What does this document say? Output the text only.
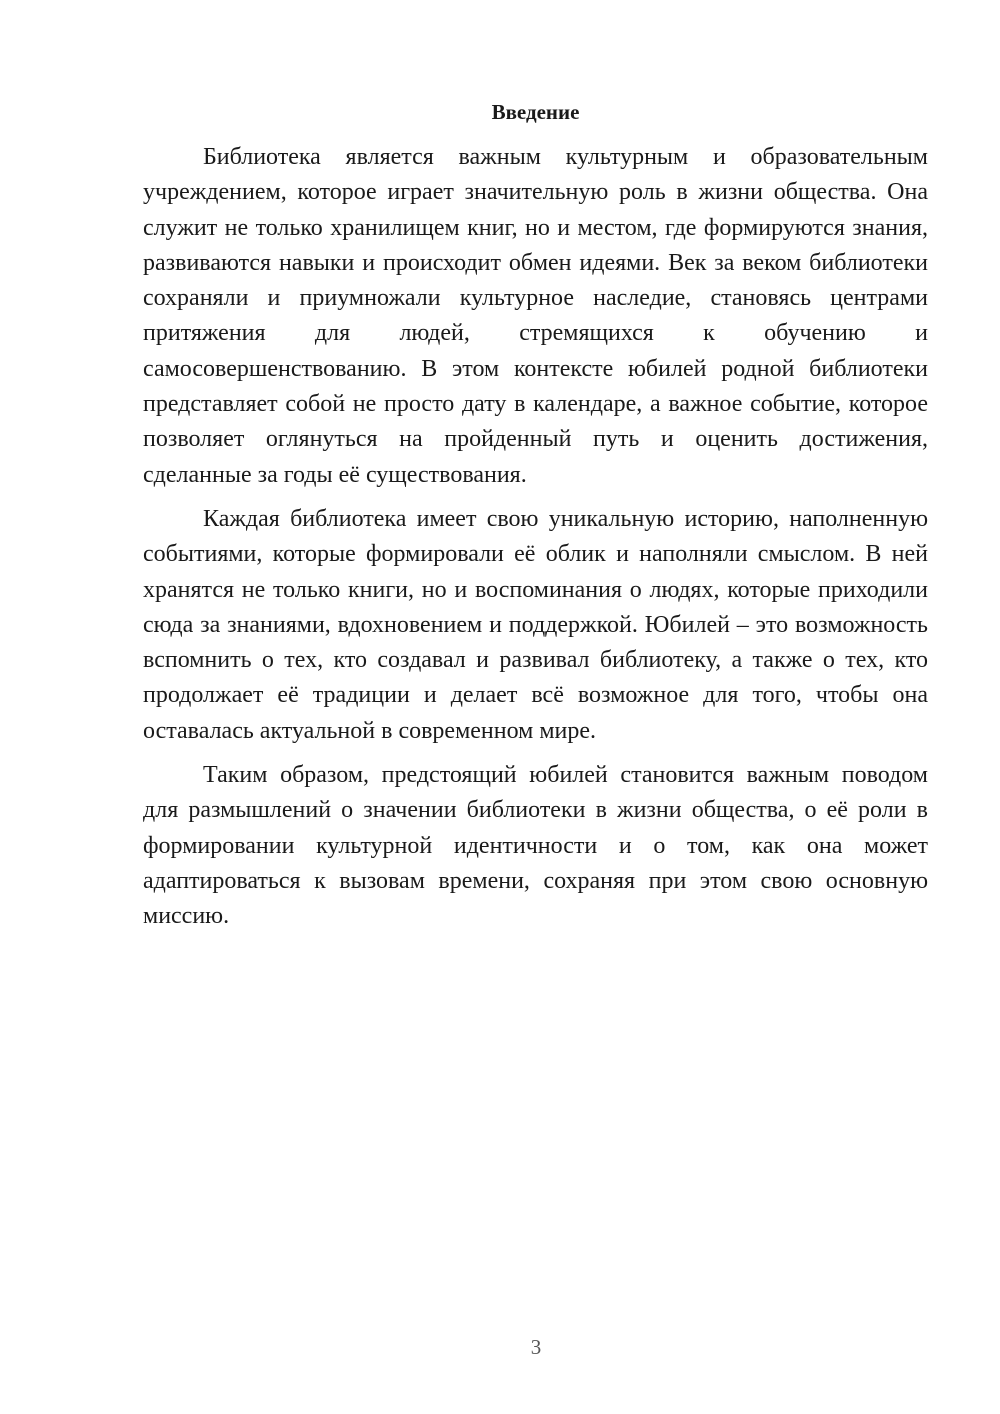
Введение

Библиотека является важным культурным и образовательным учреждением, которое играет значительную роль в жизни общества. Она служит не только хранилищем книг, но и местом, где формируются знания, развиваются навыки и происходит обмен идеями. Век за веком библиотеки сохраняли и приумножали культурное наследие, становясь центрами притяжения для людей, стремящихся к обучению и самосовершенствованию. В этом контексте юбилей родной библиотеки представляет собой не просто дату в календаре, а важное событие, которое позволяет оглянуться на пройденный путь и оценить достижения, сделанные за годы её существования.

Каждая библиотека имеет свою уникальную историю, наполненную событиями, которые формировали её облик и наполняли смыслом. В ней хранятся не только книги, но и воспоминания о людях, которые приходили сюда за знаниями, вдохновением и поддержкой. Юбилей – это возможность вспомнить о тех, кто создавал и развивал библиотеку, а также о тех, кто продолжает её традиции и делает всё возможное для того, чтобы она оставалась актуальной в современном мире.

Таким образом, предстоящий юбилей становится важным поводом для размышлений о значении библиотеки в жизни общества, о её роли в формировании культурной идентичности и о том, как она может адаптироваться к вызовам времени, сохраняя при этом свою основную миссию.

3
